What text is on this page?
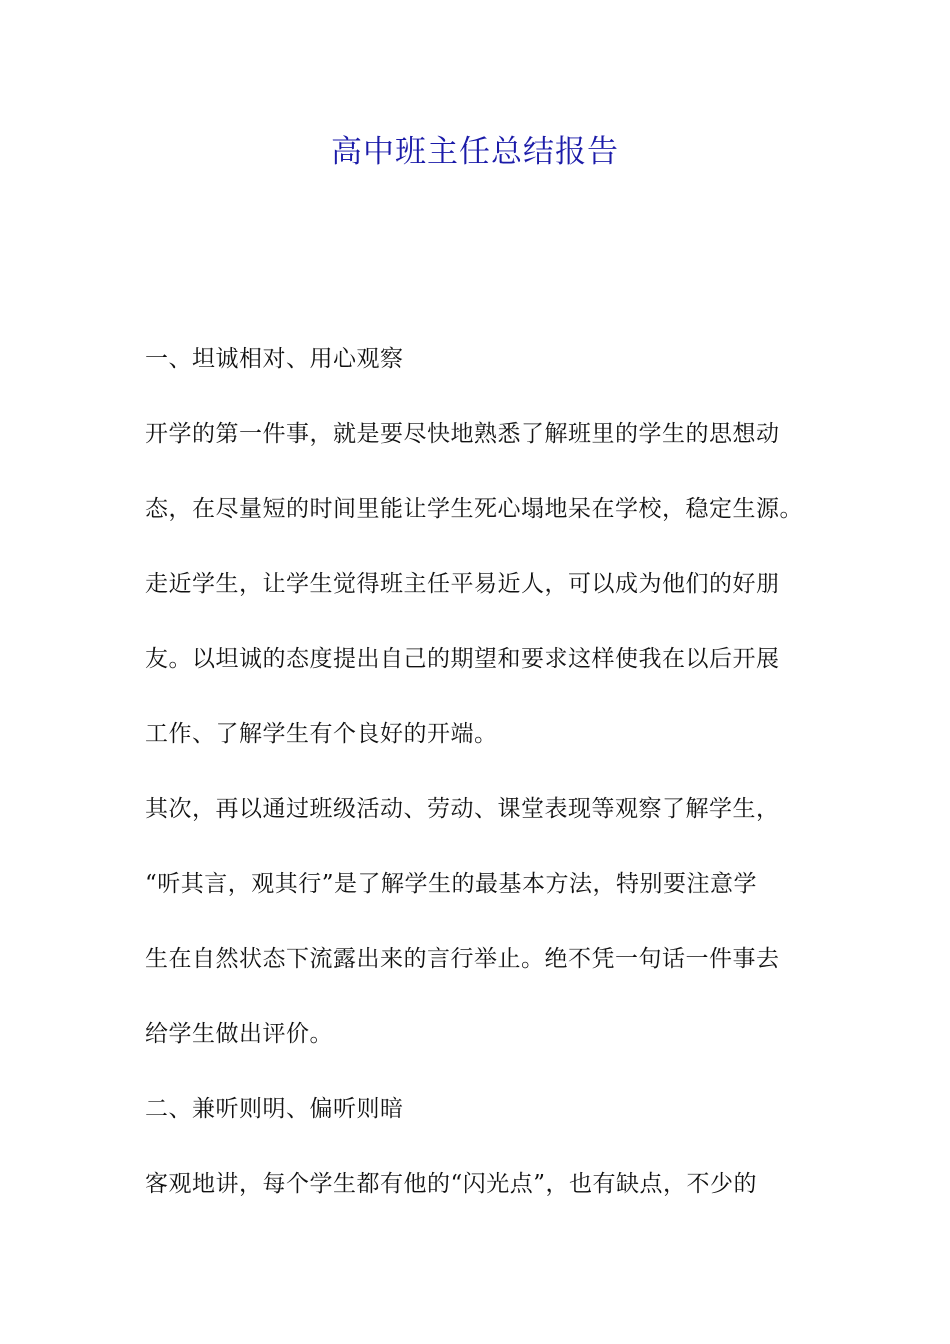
高中班主任总结报告

一、坦诚相对、用心观察

开学的第一件事，就是要尽快地熟悉了解班里的学生的思想动

态，在尽量短的时间里能让学生死心塌地呆在学校，稳定生源。

走近学生，让学生觉得班主任平易近人，可以成为他们的好朋

友。以坦诚的态度提出自己的期望和要求这样使我在以后开展

工作、了解学生有个良好的开端。

其次，再以通过班级活动、劳动、课堂表现等观察了解学生，

“听其言，观其行”是了解学生的最基本方法，特别要注意学

生在自然状态下流露出来的言行举止。绝不凭一句话一件事去

给学生做出评价。

二、兼听则明、偏听则暗

客观地讲，每个学生都有他的“闪光点”，也有缺点，不少的
